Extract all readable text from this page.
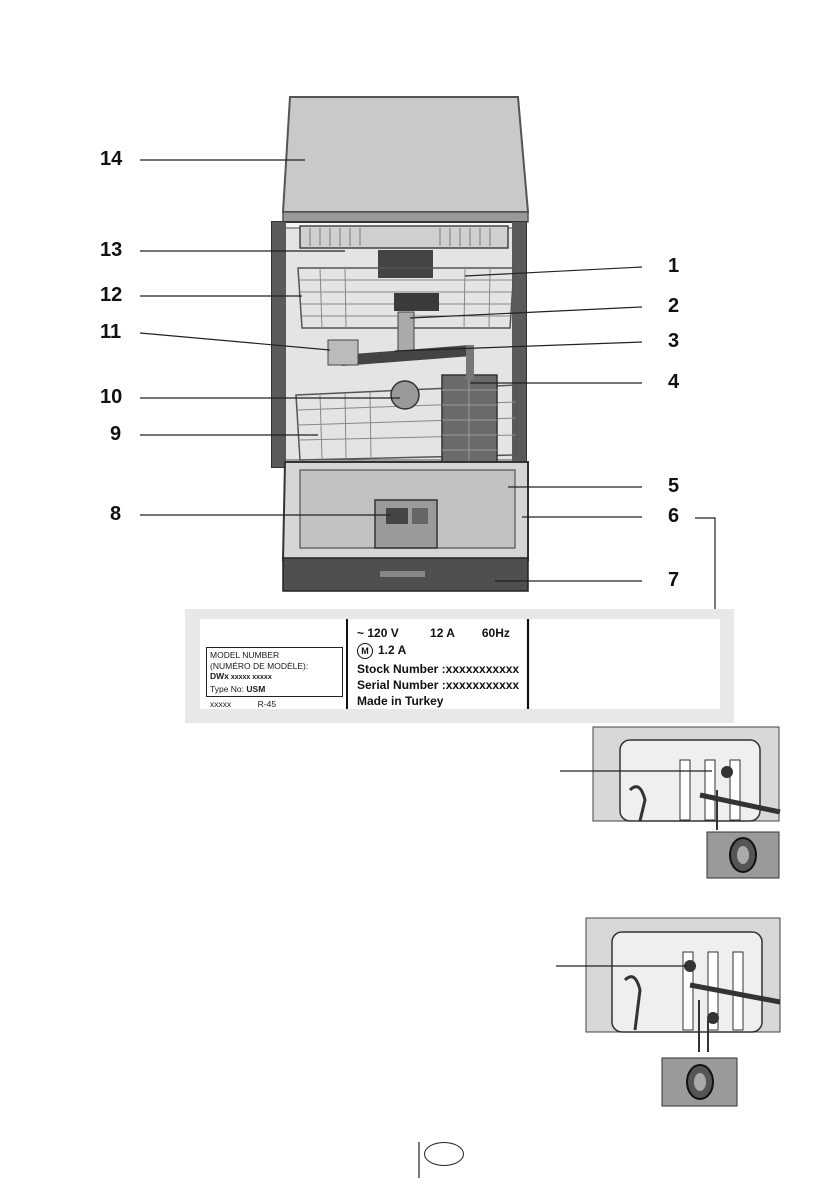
14
13
12
11
10
9
8
1
2
3
4
5
6
7
MODEL NUMBER
(NUMÉRO DE MODÈLE):
DWx xxxxx xxxxx
Type No: USM
xxxxx	R-45
~ 120 V	12 A 60Hz
M 1.2 A
Stock Number :xxxxxxxxxxx
Serial Number :xxxxxxxxxxx
Made in Turkey
